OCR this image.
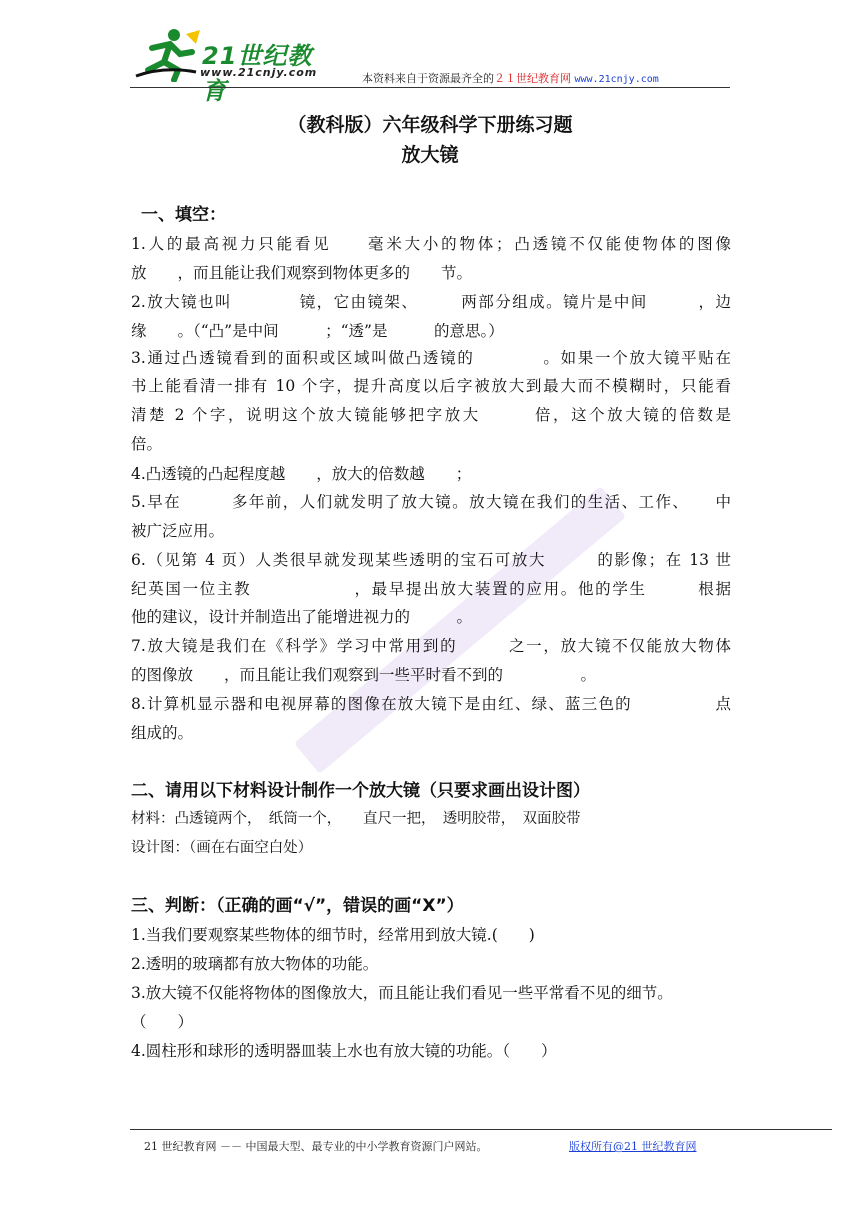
21世纪教育
www.21cnjy.com	本资料来自于资源最齐全的２１世纪教育网 www.21cnjy.com
（教科版）六年级科学下册练习题
放大镜
一、填空：
1.人的最高视力只能看见　　毫米大小的物体；凸透镜不仅能使物体的图像
放　　，而且能让我们观察到物体更多的　　节。
2.放大镜也叫　　　　镜，它由镜架、　　　两部分组成。镜片是中间　　　，边
缘　　。（“凸”是中间　　　；“透”是　　　的意思。）
3.通过凸透镜看到的面积或区域叫做凸透镜的　　　　。如果一个放大镜平贴在
书上能看清一排有 10 个字，提升高度以后字被放大到最大而不模糊时，只能看
清楚 2 个字，说明这个放大镜能够把字放大　　　倍，这个放大镜的倍数是
倍。
4.凸透镜的凸起程度越　　，放大的倍数越　　；
5.早在　　　多年前，人们就发明了放大镜。放大镜在我们的生活、工作、　　中
被广泛应用。
6.（见第 4 页）人类很早就发现某些透明的宝石可放大　　　的影像；在 13 世
纪英国一位主教　　　　　　，最早提出放大装置的应用。他的学生　　　根据
他的建议，设计并制造出了能增进视力的　　　。
7.放大镜是我们在《科学》学习中常用到的　　　之一，放大镜不仅能放大物体
的图像放　　，而且能让我们观察到一些平时看不到的　　　　　。
8.计算机显示器和电视屏幕的图像在放大镜下是由红、绿、蓝三色的　　　　　点
组成的。
二、请用以下材料设计制作一个放大镜（只要求画出设计图）
材料：凸透镜两个，　纸筒一个，　　直尺一把，　透明胶带，　双面胶带
设计图：（画在右面空白处）
三、判断：（正确的画“√”，错误的画“X”）
1.当我们要观察某些物体的细节时，经常用到放大镜.(　　)
2.透明的玻璃都有放大物体的功能。
3.放大镜不仅能将物体的图像放大，而且能让我们看见一些平常看不见的细节。
（　　）
4.圆柱形和球形的透明器皿装上水也有放大镜的功能。（　　）
21 世纪教育网 －－ 中国最大型、最专业的中小学教育资源门户网站。	版权所有@21 世纪教育网
